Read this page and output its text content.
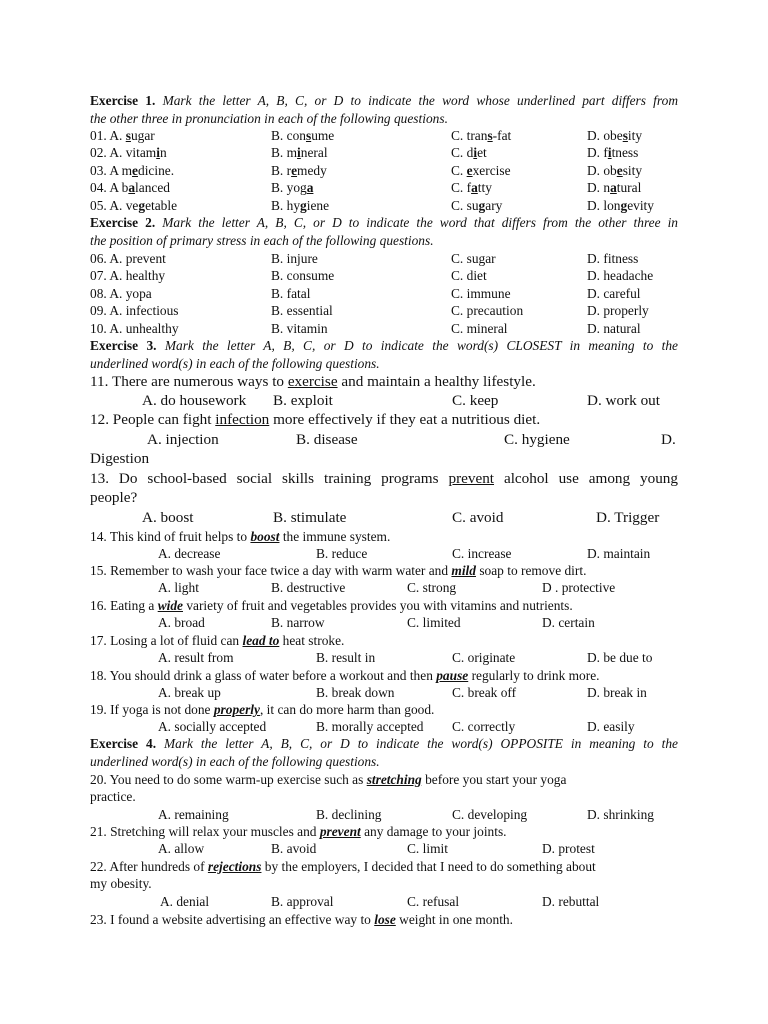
Exercise 1. Mark the letter A, B, C, or D to indicate the word whose underlined part differs from
the other three in pronunciation in each of the following questions.
01. A. sugar	B. consume	C. trans-fat	D. obesity
02. A. vitamin	B. mineral	C. diet	D. fitness
03. A medicine.	B. remedy	C. exercise	D. obesity
04. A balanced	B. yoga	C. fatty	D. natural
05. A. vegetable	B. hygiene	C. sugary	D. longevity
Exercise 2. Mark the letter A, B, C, or D to indicate the word that differs from the other three in
the position of primary stress in each of the following questions.
06. A. prevent	B. injure	C. sugar	D. fitness
07. A. healthy	B. consume	C. diet	D. headache
08. A. yopa	B. fatal	C. immune	D. careful
09. A. infectious	B. essential	C. precaution	D. properly
10. A. unhealthy	B. vitamin	C. mineral	D. natural
Exercise 3. Mark the letter A, B, C, or D to indicate the word(s) CLOSEST in meaning to the
underlined word(s) in each of the following questions.
11. There are numerous ways to exercise and maintain a healthy lifestyle.
A. do housework B. exploit	C. keep	D. work out
12. People can fight infection more effectively if they eat a nutritious diet.
A. injection	B. disease	C. hygiene	D.
Digestion
13. Do school-based social skills training programs prevent alcohol use among young
people?
A. boost	B. stimulate	C. avoid	D. Trigger
14. This kind of fruit helps to boost the immune system.
A. decrease	B. reduce	C. increase	D. maintain
15. Remember to wash your face twice a day with warm water and mild soap to remove dirt.
A. light	B. destructive	C. strong	D . protective
16. Eating a wide variety of fruit and vegetables provides you with vitamins and nutrients.
A. broad	B. narrow	C. limited	D. certain
17. Losing a lot of fluid can lead to heat stroke.
A. result from	B. result in	C. originate	D. be due to
18. You should drink a glass of water before a workout and then pause regularly to drink more.
A. break up	B. break down	C. break off	D. break in
19. If yoga is not done properly, it can do more harm than good.
A. socially accepted	B. morally accepted C. correctly	D. easily
Exercise 4. Mark the letter A, B, C, or D to indicate the word(s) OPPOSITE in meaning to the
underlined word(s) in each of the following questions.
20. You need to do some warm-up exercise such as stretching before you start your yoga
practice.
A. remaining	B. declining	C. developing	D. shrinking
21. Stretching will relax your muscles and prevent any damage to your joints.
A. allow	B. avoid	C. limit	D. protest
22. After hundreds of rejections by the employers, I decided that I need to do something about
my obesity.
A. denial	B. approval	C. refusal	D. rebuttal
23. I found a website advertising an effective way to lose weight in one month.
